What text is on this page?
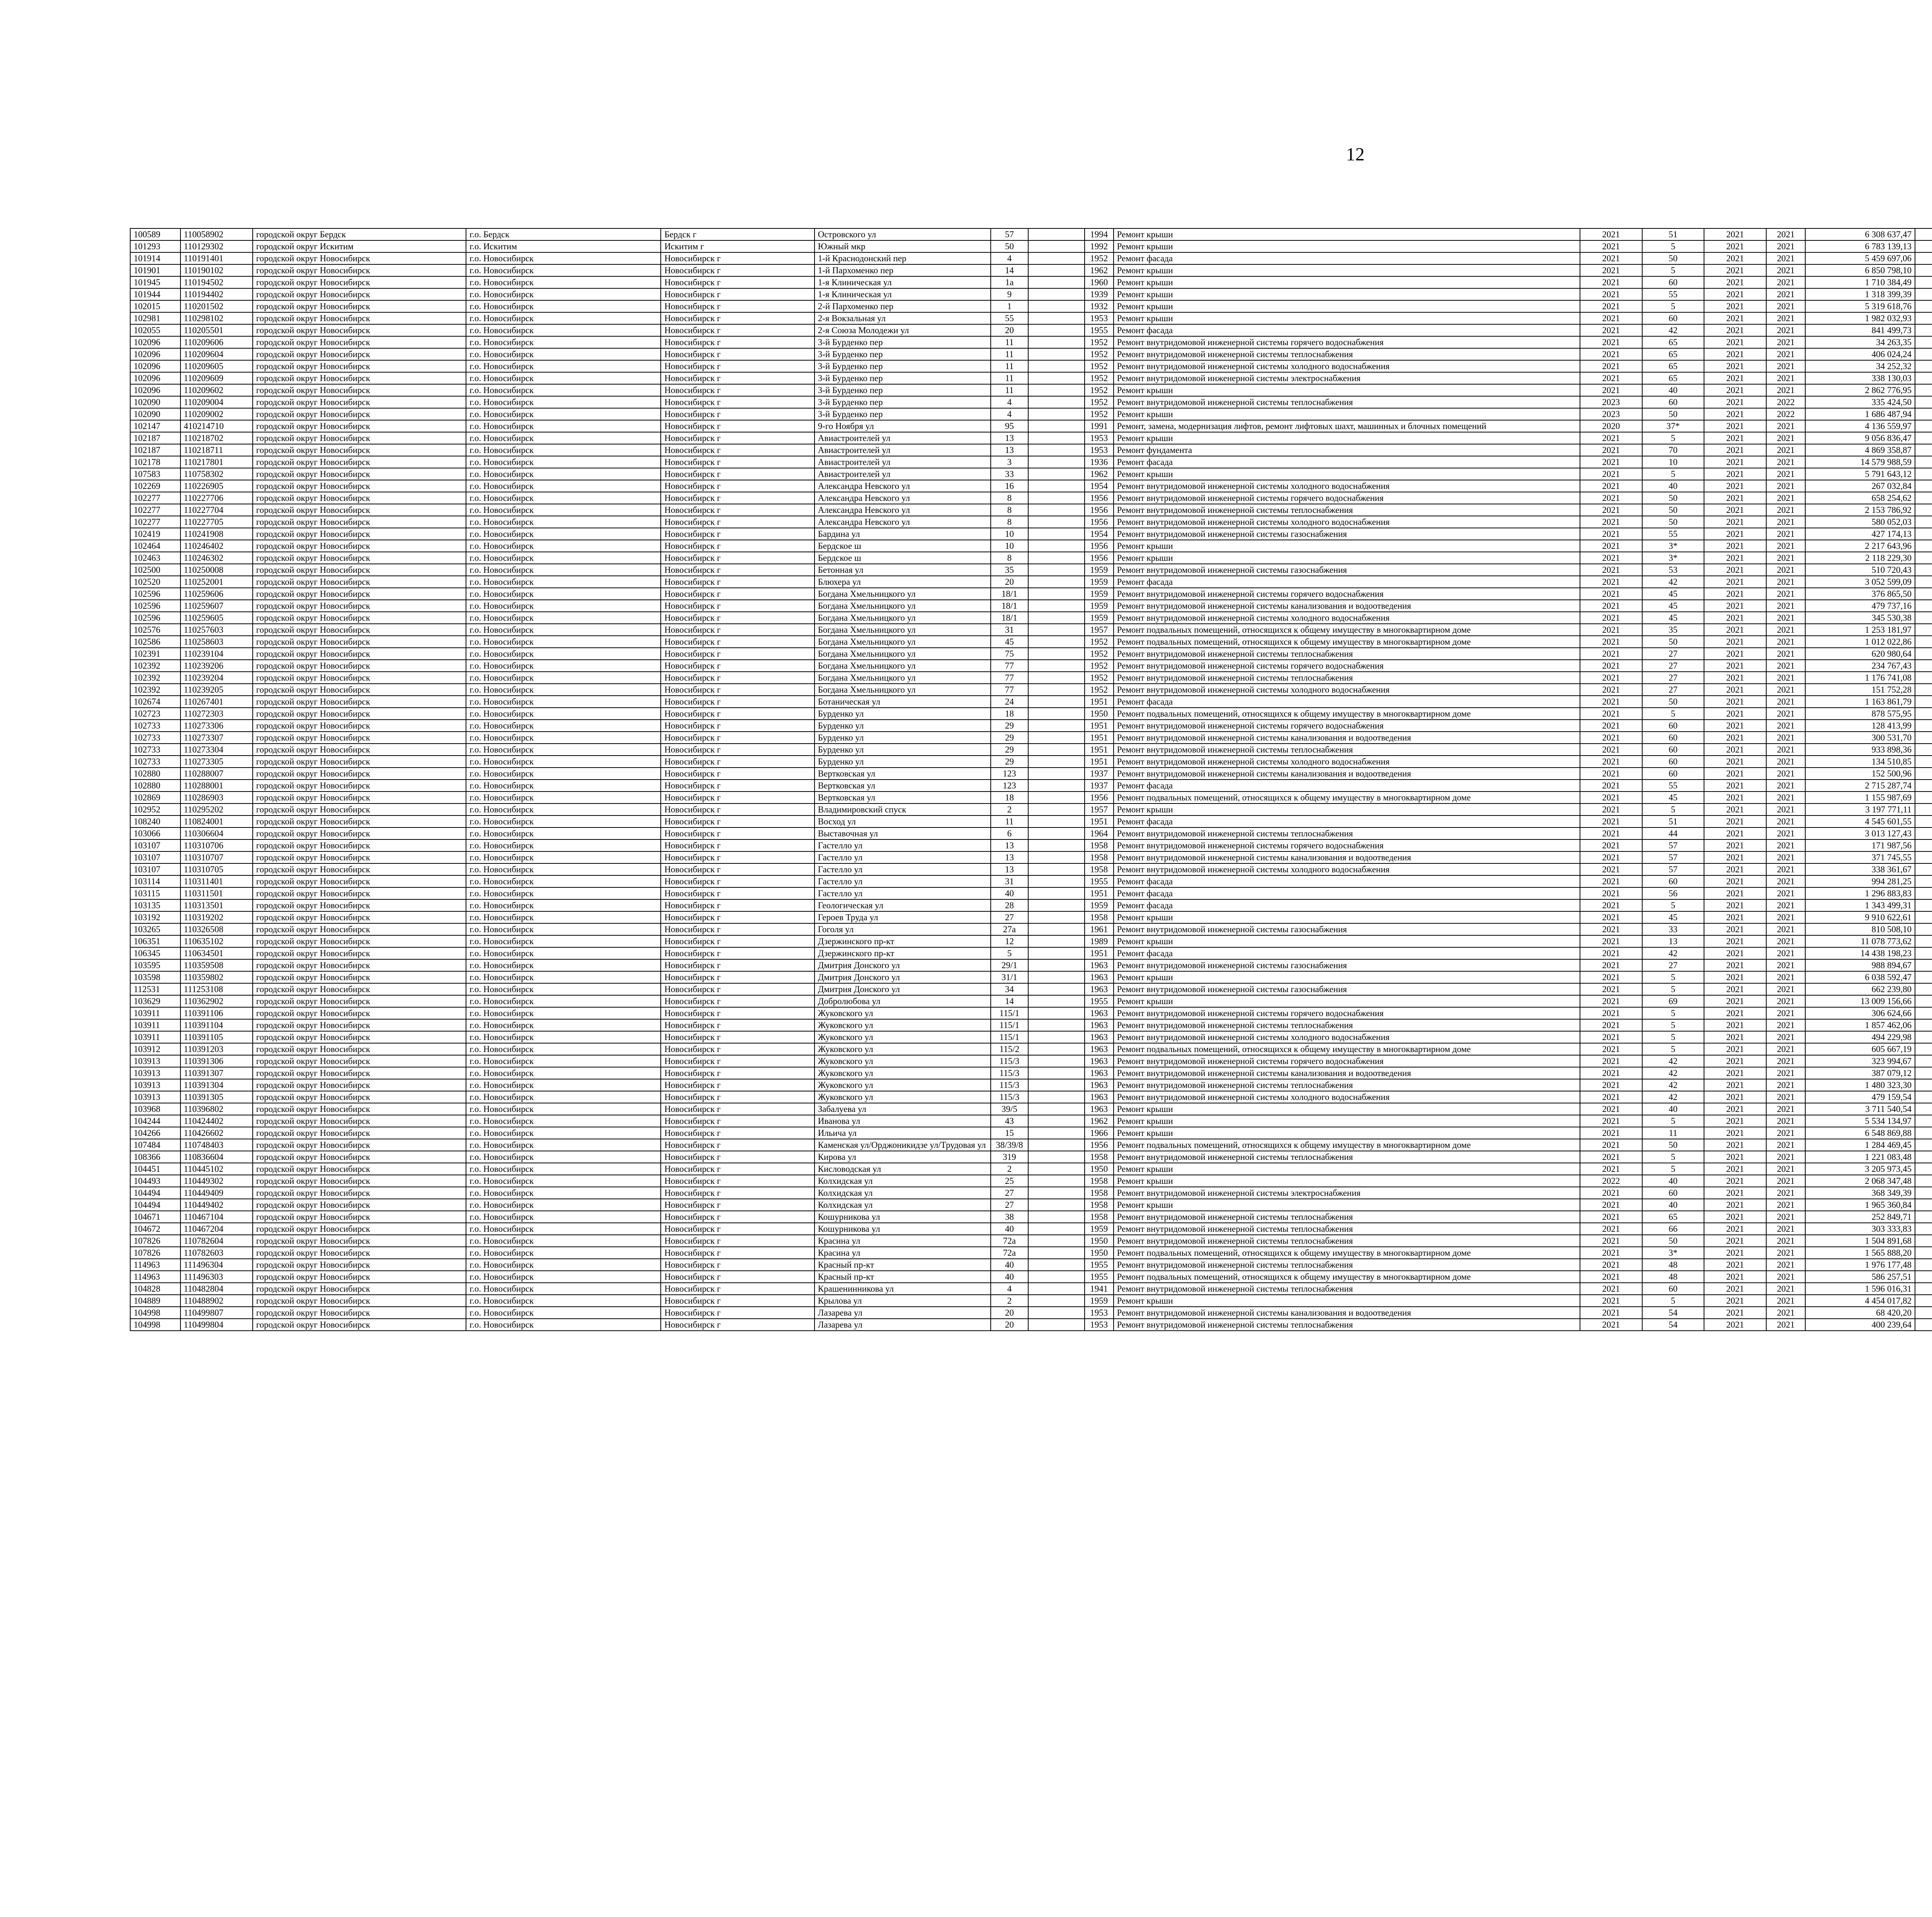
12
100589	110058902	городской округ Бердск	г.о. Бердск	Бердск г	Островского ул	57		1994	Ремонт крыши	2021	51	2021	2021	6 308 637,47						
101293	110129302	городской округ Искитим	г.о. Искитим	Искитим г	Южный мкр	50		1992	Ремонт крыши	2021	5	2021	2021	6 783 139,13						
101914	110191401	городской округ Новосибирск	г.о. Новосибирск	Новосибирск г	1-й Краснодонский пер	4		1952	Ремонт фасада	2021	50	2021	2021	5 459 697,06						
101901	110190102	городской округ Новосибирск	г.о. Новосибирск	Новосибирск г	1-й Пархоменко пер	14		1962	Ремонт крыши	2021	5	2021	2021	6 850 798,10						
101945	110194502	городской округ Новосибирск	г.о. Новосибирск	Новосибирск г	1-я Клиническая ул	1а		1960	Ремонт крыши	2021	60	2021	2021	1 710 384,49						
101944	110194402	городской округ Новосибирск	г.о. Новосибирск	Новосибирск г	1-я Клиническая ул	9		1939	Ремонт крыши	2021	55	2021	2021	1 318 399,39						
102015	110201502	городской округ Новосибирск	г.о. Новосибирск	Новосибирск г	2-й Пархоменко пер	1		1932	Ремонт крыши	2021	5	2021	2021	5 319 618,76						
102981	110298102	городской округ Новосибирск	г.о. Новосибирск	Новосибирск г	2-я Вокзальная ул	55		1953	Ремонт крыши	2021	60	2021	2021	1 982 032,93						
102055	110205501	городской округ Новосибирск	г.о. Новосибирск	Новосибирск г	2-я Союза Молодежи ул	20		1955	Ремонт фасада	2021	42	2021	2021	841 499,73						
102096	110209606	городской округ Новосибирск	г.о. Новосибирск	Новосибирск г	3-й Бурденко пер	11		1952	Ремонт внутридомовой инженерной системы горячего водоснабжения	2021	65	2021	2021	34 263,35						
102096	110209604	городской округ Новосибирск	г.о. Новосибирск	Новосибирск г	3-й Бурденко пер	11		1952	Ремонт внутридомовой инженерной системы теплоснабжения	2021	65	2021	2021	406 024,24						
102096	110209605	городской округ Новосибирск	г.о. Новосибирск	Новосибирск г	3-й Бурденко пер	11		1952	Ремонт внутридомовой инженерной системы холодного водоснабжения	2021	65	2021	2021	34 252,32						
102096	110209609	городской округ Новосибирск	г.о. Новосибирск	Новосибирск г	3-й Бурденко пер	11		1952	Ремонт внутридомовой инженерной системы электроснабжения	2021	65	2021	2021	338 130,03						
102096	110209602	городской округ Новосибирск	г.о. Новосибирск	Новосибирск г	3-й Бурденко пер	11		1952	Ремонт крыши	2021	40	2021	2021	2 862 776,95						
102090	110209004	городской округ Новосибирск	г.о. Новосибирск	Новосибирск г	3-й Бурденко пер	4		1952	Ремонт внутридомовой инженерной системы теплоснабжения	2023	60	2021	2022	335 424,50						
102090	110209002	городской округ Новосибирск	г.о. Новосибирск	Новосибирск г	3-й Бурденко пер	4		1952	Ремонт крыши	2023	50	2021	2022	1 686 487,94						
102147	410214710	городской округ Новосибирск	г.о. Новосибирск	Новосибирск г	9-го Ноября ул	95		1991	Ремонт, замена, модернизация лифтов, ремонт лифтовых шахт, машинных и блочных помещений	2020	37*	2021	2021	4 136 559,97						
102187	110218702	городской округ Новосибирск	г.о. Новосибирск	Новосибирск г	Авиастроителей ул	13		1953	Ремонт крыши	2021	5	2021	2021	9 056 836,47						
102187	110218711	городской округ Новосибирск	г.о. Новосибирск	Новосибирск г	Авиастроителей ул	13		1953	Ремонт фундамента	2021	70	2021	2021	4 869 358,87						
102178	110217801	городской округ Новосибирск	г.о. Новосибирск	Новосибирск г	Авиастроителей ул	3		1936	Ремонт фасада	2021	10	2021	2021	14 579 988,59						
107583	110758302	городской округ Новосибирск	г.о. Новосибирск	Новосибирск г	Авиастроителей ул	33		1962	Ремонт крыши	2021	5	2021	2021	5 791 643,12						
102269	110226905	городской округ Новосибирск	г.о. Новосибирск	Новосибирск г	Александра Невского ул	16		1954	Ремонт внутридомовой инженерной системы холодного водоснабжения	2021	40	2021	2021	267 032,84						
102277	110227706	городской округ Новосибирск	г.о. Новосибирск	Новосибирск г	Александра Невского ул	8		1956	Ремонт внутридомовой инженерной системы горячего водоснабжения	2021	50	2021	2021	658 254,62						
102277	110227704	городской округ Новосибирск	г.о. Новосибирск	Новосибирск г	Александра Невского ул	8		1956	Ремонт внутридомовой инженерной системы теплоснабжения	2021	50	2021	2021	2 153 786,92						
102277	110227705	городской округ Новосибирск	г.о. Новосибирск	Новосибирск г	Александра Невского ул	8		1956	Ремонт внутридомовой инженерной системы холодного водоснабжения	2021	50	2021	2021	580 052,03						
102419	110241908	городской округ Новосибирск	г.о. Новосибирск	Новосибирск г	Бардина ул	10		1954	Ремонт внутридомовой инженерной системы газоснабжения	2021	55	2021	2021	427 174,13						
102464	110246402	городской округ Новосибирск	г.о. Новосибирск	Новосибирск г	Бердское ш	10		1956	Ремонт крыши	2021	3*	2021	2021	2 217 643,96						
102463	110246302	городской округ Новосибирск	г.о. Новосибирск	Новосибирск г	Бердское ш	8		1956	Ремонт крыши	2021	3*	2021	2021	2 118 229,30						
102500	110250008	городской округ Новосибирск	г.о. Новосибирск	Новосибирск г	Бетонная ул	35		1959	Ремонт внутридомовой инженерной системы газоснабжения	2021	53	2021	2021	510 720,43						
102520	110252001	городской округ Новосибирск	г.о. Новосибирск	Новосибирск г	Блюхера ул	20		1959	Ремонт фасада	2021	42	2021	2021	3 052 599,09						
102596	110259606	городской округ Новосибирск	г.о. Новосибирск	Новосибирск г	Богдана Хмельницкого ул	18/1		1959	Ремонт внутридомовой инженерной системы горячего водоснабжения	2021	45	2021	2021	376 865,50						
102596	110259607	городской округ Новосибирск	г.о. Новосибирск	Новосибирск г	Богдана Хмельницкого ул	18/1		1959	Ремонт внутридомовой инженерной системы канализования и водоотведения	2021	45	2021	2021	479 737,16						
102596	110259605	городской округ Новосибирск	г.о. Новосибирск	Новосибирск г	Богдана Хмельницкого ул	18/1		1959	Ремонт внутридомовой инженерной системы холодного водоснабжения	2021	45	2021	2021	345 530,38						
102576	110257603	городской округ Новосибирск	г.о. Новосибирск	Новосибирск г	Богдана Хмельницкого ул	31		1957	Ремонт подвальных помещений, относящихся к общему имуществу в многоквартирном доме	2021	35	2021	2021	1 253 181,97						
102586	110258603	городской округ Новосибирск	г.о. Новосибирск	Новосибирск г	Богдана Хмельницкого ул	45		1952	Ремонт подвальных помещений, относящихся к общему имуществу в многоквартирном доме	2021	50	2021	2021	1 012 022,86						
102391	110239104	городской округ Новосибирск	г.о. Новосибирск	Новосибирск г	Богдана Хмельницкого ул	75		1952	Ремонт внутридомовой инженерной системы теплоснабжения	2021	27	2021	2021	620 980,64						
102392	110239206	городской округ Новосибирск	г.о. Новосибирск	Новосибирск г	Богдана Хмельницкого ул	77		1952	Ремонт внутридомовой инженерной системы горячего водоснабжения	2021	27	2021	2021	234 767,43						
102392	110239204	городской округ Новосибирск	г.о. Новосибирск	Новосибирск г	Богдана Хмельницкого ул	77		1952	Ремонт внутридомовой инженерной системы теплоснабжения	2021	27	2021	2021	1 176 741,08						
102392	110239205	городской округ Новосибирск	г.о. Новосибирск	Новосибирск г	Богдана Хмельницкого ул	77		1952	Ремонт внутридомовой инженерной системы холодного водоснабжения	2021	27	2021	2021	151 752,28						
102674	110267401	городской округ Новосибирск	г.о. Новосибирск	Новосибирск г	Ботаническая ул	24		1951	Ремонт фасада	2021	50	2021	2021	1 163 861,79						
102723	110272303	городской округ Новосибирск	г.о. Новосибирск	Новосибирск г	Бурденко ул	18		1950	Ремонт подвальных помещений, относящихся к общему имуществу в многоквартирном доме	2021	5	2021	2021	878 575,95						
102733	110273306	городской округ Новосибирск	г.о. Новосибирск	Новосибирск г	Бурденко ул	29		1951	Ремонт внутридомовой инженерной системы горячего водоснабжения	2021	60	2021	2021	128 413,99						
102733	110273307	городской округ Новосибирск	г.о. Новосибирск	Новосибирск г	Бурденко ул	29		1951	Ремонт внутридомовой инженерной системы канализования и водоотведения	2021	60	2021	2021	300 531,70						
102733	110273304	городской округ Новосибирск	г.о. Новосибирск	Новосибирск г	Бурденко ул	29		1951	Ремонт внутридомовой инженерной системы теплоснабжения	2021	60	2021	2021	933 898,36						
102733	110273305	городской округ Новосибирск	г.о. Новосибирск	Новосибирск г	Бурденко ул	29		1951	Ремонт внутридомовой инженерной системы холодного водоснабжения	2021	60	2021	2021	134 510,85						
102880	110288007	городской округ Новосибирск	г.о. Новосибирск	Новосибирск г	Вертковская ул	123		1937	Ремонт внутридомовой инженерной системы канализования и водоотведения	2021	60	2021	2021	152 500,96						
102880	110288001	городской округ Новосибирск	г.о. Новосибирск	Новосибирск г	Вертковская ул	123		1937	Ремонт фасада	2021	55	2021	2021	2 715 287,74						
102869	110286903	городской округ Новосибирск	г.о. Новосибирск	Новосибирск г	Вертковская ул	18		1956	Ремонт подвальных помещений, относящихся к общему имуществу в многоквартирном доме	2021	45	2021	2021	1 155 987,69						
102952	110295202	городской округ Новосибирск	г.о. Новосибирск	Новосибирск г	Владимировский спуск	2		1957	Ремонт крыши	2021	5	2021	2021	3 197 771,11						
108240	110824001	городской округ Новосибирск	г.о. Новосибирск	Новосибирск г	Восход ул	11		1951	Ремонт фасада	2021	51	2021	2021	4 545 601,55						
103066	110306604	городской округ Новосибирск	г.о. Новосибирск	Новосибирск г	Выставочная ул	6		1964	Ремонт внутридомовой инженерной системы теплоснабжения	2021	44	2021	2021	3 013 127,43						
103107	110310706	городской округ Новосибирск	г.о. Новосибирск	Новосибирск г	Гастелло ул	13		1958	Ремонт внутридомовой инженерной системы горячего водоснабжения	2021	57	2021	2021	171 987,56						
103107	110310707	городской округ Новосибирск	г.о. Новосибирск	Новосибирск г	Гастелло ул	13		1958	Ремонт внутридомовой инженерной системы канализования и водоотведения	2021	57	2021	2021	371 745,55						
103107	110310705	городской округ Новосибирск	г.о. Новосибирск	Новосибирск г	Гастелло ул	13		1958	Ремонт внутридомовой инженерной системы холодного водоснабжения	2021	57	2021	2021	338 361,67						
103114	110311401	городской округ Новосибирск	г.о. Новосибирск	Новосибирск г	Гастелло ул	31		1955	Ремонт фасада	2021	60	2021	2021	994 281,25						
103115	110311501	городской округ Новосибирск	г.о. Новосибирск	Новосибирск г	Гастелло ул	40		1951	Ремонт фасада	2021	56	2021	2021	1 296 883,83						
103135	110313501	городской округ Новосибирск	г.о. Новосибирск	Новосибирск г	Геологическая ул	28		1959	Ремонт фасада	2021	5	2021	2021	1 343 499,31						
103192	110319202	городской округ Новосибирск	г.о. Новосибирск	Новосибирск г	Героев Труда ул	27		1958	Ремонт крыши	2021	45	2021	2021	9 910 622,61						
103265	110326508	городской округ Новосибирск	г.о. Новосибирск	Новосибирск г	Гоголя ул	27а		1961	Ремонт внутридомовой инженерной системы газоснабжения	2021	33	2021	2021	810 508,10						
106351	110635102	городской округ Новосибирск	г.о. Новосибирск	Новосибирск г	Дзержинского пр-кт	12		1989	Ремонт крыши	2021	13	2021	2021	11 078 773,62						
106345	110634501	городской округ Новосибирск	г.о. Новосибирск	Новосибирск г	Дзержинского пр-кт	5		1951	Ремонт фасада	2021	42	2021	2021	14 438 198,23						
103595	110359508	городской округ Новосибирск	г.о. Новосибирск	Новосибирск г	Дмитрия Донского ул	29/1		1963	Ремонт внутридомовой инженерной системы газоснабжения	2021	27	2021	2021	988 894,67						
103598	110359802	городской округ Новосибирск	г.о. Новосибирск	Новосибирск г	Дмитрия Донского ул	31/1		1963	Ремонт крыши	2021	5	2021	2021	6 038 592,47						
112531	111253108	городской округ Новосибирск	г.о. Новосибирск	Новосибирск г	Дмитрия Донского ул	34		1963	Ремонт внутридомовой инженерной системы газоснабжения	2021	5	2021	2021	662 239,80						
103629	110362902	городской округ Новосибирск	г.о. Новосибирск	Новосибирск г	Добролюбова ул	14		1955	Ремонт крыши	2021	69	2021	2021	13 009 156,66						
103911	110391106	городской округ Новосибирск	г.о. Новосибирск	Новосибирск г	Жуковского ул	115/1		1963	Ремонт внутридомовой инженерной системы горячего водоснабжения	2021	5	2021	2021	306 624,66						
103911	110391104	городской округ Новосибирск	г.о. Новосибирск	Новосибирск г	Жуковского ул	115/1		1963	Ремонт внутридомовой инженерной системы теплоснабжения	2021	5	2021	2021	1 857 462,06						
103911	110391105	городской округ Новосибирск	г.о. Новосибирск	Новосибирск г	Жуковского ул	115/1		1963	Ремонт внутридомовой инженерной системы холодного водоснабжения	2021	5	2021	2021	494 229,98						
103912	110391203	городской округ Новосибирск	г.о. Новосибирск	Новосибирск г	Жуковского ул	115/2		1963	Ремонт подвальных помещений, относящихся к общему имуществу в многоквартирном доме	2021	5	2021	2021	605 667,19						
103913	110391306	городской округ Новосибирск	г.о. Новосибирск	Новосибирск г	Жуковского ул	115/3		1963	Ремонт внутридомовой инженерной системы горячего водоснабжения	2021	42	2021	2021	323 994,67						
103913	110391307	городской округ Новосибирск	г.о. Новосибирск	Новосибирск г	Жуковского ул	115/3		1963	Ремонт внутридомовой инженерной системы канализования и водоотведения	2021	42	2021	2021	387 079,12						
103913	110391304	городской округ Новосибирск	г.о. Новосибирск	Новосибирск г	Жуковского ул	115/3		1963	Ремонт внутридомовой инженерной системы теплоснабжения	2021	42	2021	2021	1 480 323,30						
103913	110391305	городской округ Новосибирск	г.о. Новосибирск	Новосибирск г	Жуковского ул	115/3		1963	Ремонт внутридомовой инженерной системы холодного водоснабжения	2021	42	2021	2021	479 159,54						
103968	110396802	городской округ Новосибирск	г.о. Новосибирск	Новосибирск г	Забалуева ул	39/5		1963	Ремонт крыши	2021	40	2021	2021	3 711 540,54						
104244	110424402	городской округ Новосибирск	г.о. Новосибирск	Новосибирск г	Иванова ул	43		1962	Ремонт крыши	2021	5	2021	2021	5 534 134,97						
104266	110426602	городской округ Новосибирск	г.о. Новосибирск	Новосибирск г	Ильича ул	15		1966	Ремонт крыши	2021	11	2021	2021	6 548 869,88						
107484	110748403	городской округ Новосибирск	г.о. Новосибирск	Новосибирск г	Каменская ул/Орджоникидзе ул/Трудовая ул	38/39/8		1956	Ремонт подвальных помещений, относящихся к общему имуществу в многоквартирном доме	2021	50	2021	2021	1 284 469,45						
108366	110836604	городской округ Новосибирск	г.о. Новосибирск	Новосибирск г	Кирова ул	319		1958	Ремонт внутридомовой инженерной системы теплоснабжения	2021	5	2021	2021	1 221 083,48						
104451	110445102	городской округ Новосибирск	г.о. Новосибирск	Новосибирск г	Кисловодская ул	2		1950	Ремонт крыши	2021	5	2021	2021	3 205 973,45						
104493	110449302	городской округ Новосибирск	г.о. Новосибирск	Новосибирск г	Колхидская ул	25		1958	Ремонт крыши	2022	40	2021	2021	2 068 347,48						
104494	110449409	городской округ Новосибирск	г.о. Новосибирск	Новосибирск г	Колхидская ул	27		1958	Ремонт внутридомовой инженерной системы электроснабжения	2021	60	2021	2021	368 349,39						
104494	110449402	городской округ Новосибирск	г.о. Новосибирск	Новосибирск г	Колхидская ул	27		1958	Ремонт крыши	2021	40	2021	2021	1 965 360,84						
104671	110467104	городской округ Новосибирск	г.о. Новосибирск	Новосибирск г	Кошурникова ул	38		1958	Ремонт внутридомовой инженерной системы теплоснабжения	2021	65	2021	2021	252 849,71						
104672	110467204	городской округ Новосибирск	г.о. Новосибирск	Новосибирск г	Кошурникова ул	40		1959	Ремонт внутридомовой инженерной системы теплоснабжения	2021	66	2021	2021	303 333,83						
107826	110782604	городской округ Новосибирск	г.о. Новосибирск	Новосибирск г	Красина ул	72а		1950	Ремонт внутридомовой инженерной системы теплоснабжения	2021	50	2021	2021	1 504 891,68						
107826	110782603	городской округ Новосибирск	г.о. Новосибирск	Новосибирск г	Красина ул	72а		1950	Ремонт подвальных помещений, относящихся к общему имуществу в многоквартирном доме	2021	3*	2021	2021	1 565 888,20						
114963	111496304	городской округ Новосибирск	г.о. Новосибирск	Новосибирск г	Красный пр-кт	40		1955	Ремонт внутридомовой инженерной системы теплоснабжения	2021	48	2021	2021	1 976 177,48						
114963	111496303	городской округ Новосибирск	г.о. Новосибирск	Новосибирск г	Красный пр-кт	40		1955	Ремонт подвальных помещений, относящихся к общему имуществу в многоквартирном доме	2021	48	2021	2021	586 257,51						
104828	110482804	городской округ Новосибирск	г.о. Новосибирск	Новосибирск г	Крашенинникова ул	4		1941	Ремонт внутридомовой инженерной системы теплоснабжения	2021	60	2021	2021	1 596 016,31						
104889	110488902	городской округ Новосибирск	г.о. Новосибирск	Новосибирск г	Крылова ул	2		1959	Ремонт крыши	2021	5	2021	2021	4 454 017,82						
104998	110499807	городской округ Новосибирск	г.о. Новосибирск	Новосибирск г	Лазарева ул	20		1953	Ремонт внутридомовой инженерной системы канализования и водоотведения	2021	54	2021	2021	68 420,20						
104998	110499804	городской округ Новосибирск	г.о. Новосибирск	Новосибирск г	Лазарева ул	20		1953	Ремонт внутридомовой инженерной системы теплоснабжения	2021	54	2021	2021	400 239,64						
